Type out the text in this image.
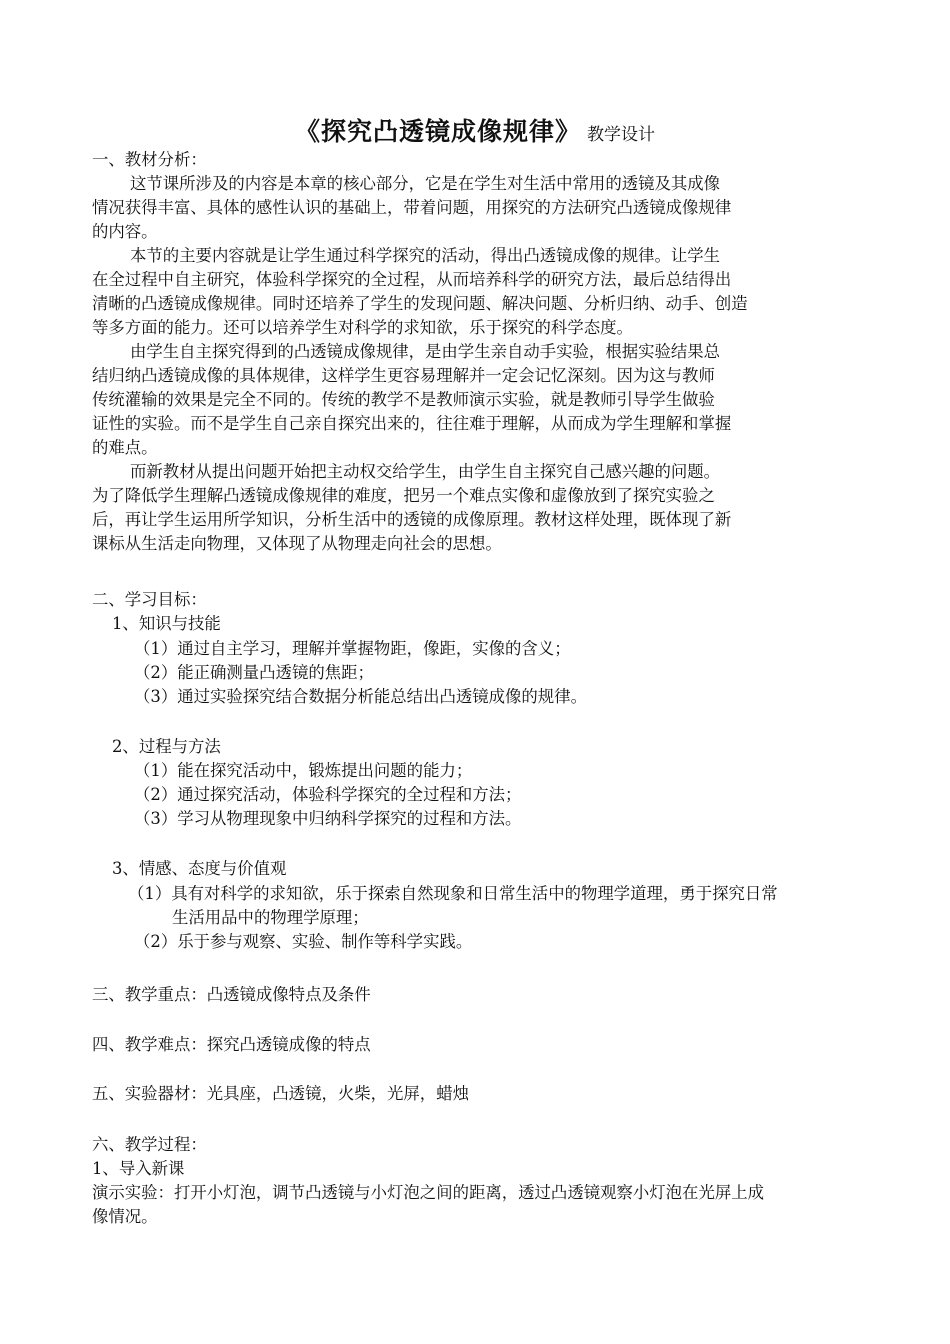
《探究凸透镜成像规律》 教学设计
一、教材分析：
这节课所涉及的内容是本章的核心部分，它是在学生对生活中常用的透镜及其成像
情况获得丰富、具体的感性认识的基础上，带着问题，用探究的方法研究凸透镜成像规律
的内容。
本节的主要内容就是让学生通过科学探究的活动，得出凸透镜成像的规律。让学生
在全过程中自主研究，体验科学探究的全过程，从而培养科学的研究方法，最后总结得出
清晰的凸透镜成像规律。同时还培养了学生的发现问题、解决问题、分析归纳、动手、创造
等多方面的能力。还可以培养学生对科学的求知欲，乐于探究的科学态度。
由学生自主探究得到的凸透镜成像规律，是由学生亲自动手实验，根据实验结果总
结归纳凸透镜成像的具体规律，这样学生更容易理解并一定会记忆深刻。因为这与教师
传统灌输的效果是完全不同的。传统的教学不是教师演示实验，就是教师引导学生做验
证性的实验。而不是学生自己亲自探究出来的，往往难于理解，从而成为学生理解和掌握
的难点。
而新教材从提出问题开始把主动权交给学生，由学生自主探究自己感兴趣的问题。
为了降低学生理解凸透镜成像规律的难度，把另一个难点实像和虚像放到了探究实验之
后，再让学生运用所学知识，分析生活中的透镜的成像原理。教材这样处理，既体现了新
课标从生活走向物理，又体现了从物理走向社会的思想。
二、学习目标：
1、知识与技能
（1）通过自主学习，理解并掌握物距，像距，实像的含义；
（2）能正确测量凸透镜的焦距；
（3）通过实验探究结合数据分析能总结出凸透镜成像的规律。
2、过程与方法
（1）能在探究活动中，锻炼提出问题的能力；
（2）通过探究活动，体验科学探究的全过程和方法；
（3）学习从物理现象中归纳科学探究的过程和方法。
3、情感、态度与价值观
（1）具有对科学的求知欲，乐于探索自然现象和日常生活中的物理学道理，勇于探究日常
生活用品中的物理学原理；
（2）乐于参与观察、实验、制作等科学实践。
三、教学重点：凸透镜成像特点及条件
四、教学难点：探究凸透镜成像的特点
五、实验器材：光具座，凸透镜，火柴，光屏，蜡烛
六、教学过程：
1、导入新课
演示实验：打开小灯泡，调节凸透镜与小灯泡之间的距离，透过凸透镜观察小灯泡在光屏上成
像情况。
